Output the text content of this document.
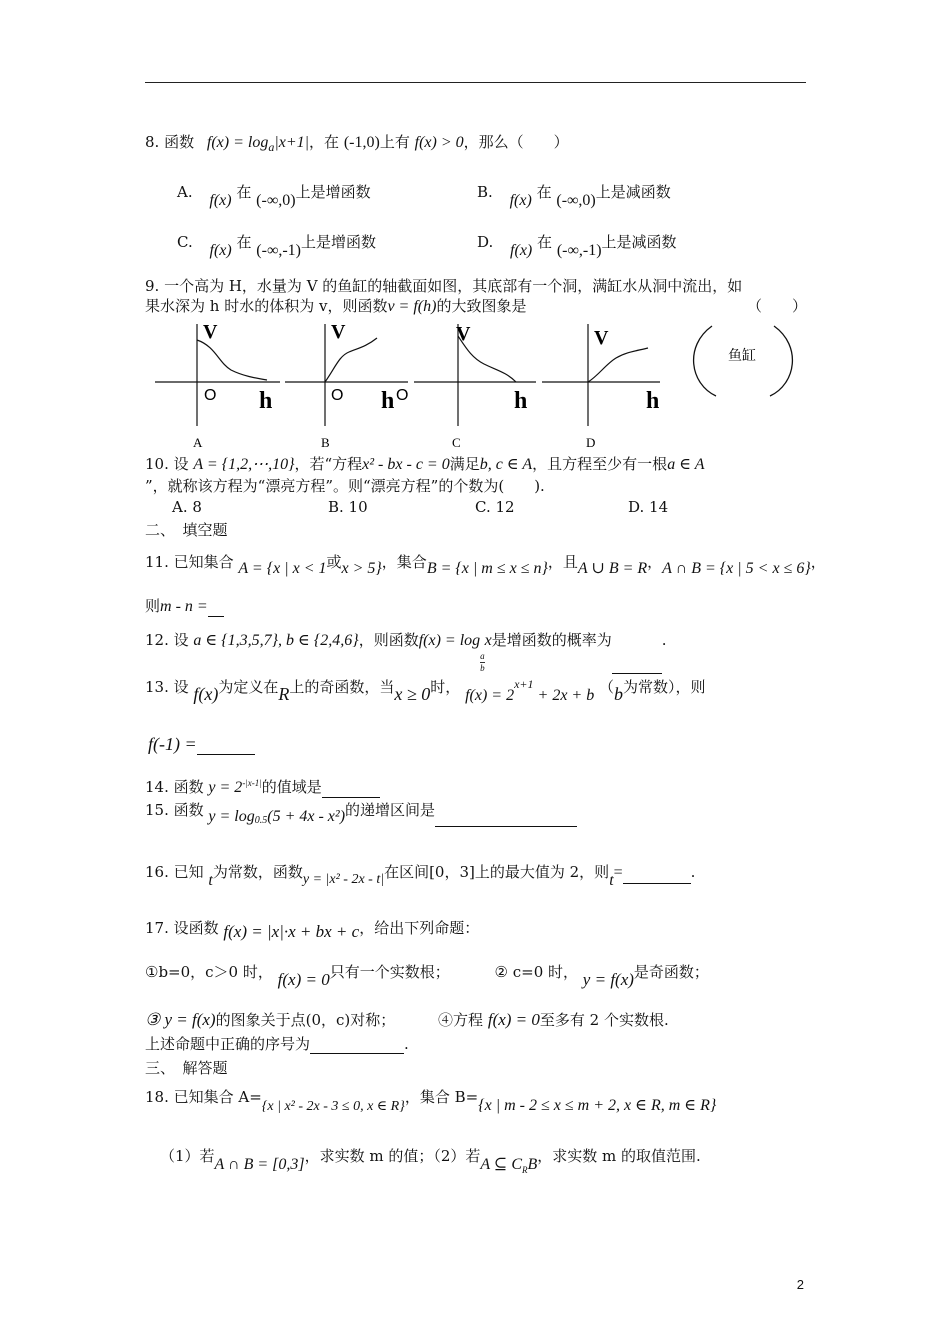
8. 函数 $f(x) = \log_a|x+1|$，在 (-1,0)上有 f(x) > 0，那么（　　）
A. f(x) 在 (-∞,0)上是增函数	B. f(x) 在 (-∞,0)上是减函数
C. f(x) 在 (-∞,-1)上是增函数	D. f(x) 在 (-∞,-1)上是减函数
9. 一个高为 H，水量为 V 的鱼缸的轴截面如图，其底部有一个洞，满缸水从洞中流出，如
果水深为 h 时水的体积为 v，则函数v = f(h)的大致图象是	（　　）
V
O h
A
V
O h
B
O
V
h
C
V
h
D
鱼缸
10. 设 A = {1,2,⋯,10}，若“方程x² - bx - c = 0满足b, c ∈ A，且方程至少有一根a ∈ A
”，就称该方程为“漂亮方程”。则“漂亮方程”的个数为(　　).
A. 8	B. 10	C. 12	D. 14
二、　填空题
11. 已知集合 A = {x | x < 1或x > 5}，集合B = {x | m ≤ x ≤ n}，且A ∪ B = R，A ∩ B = {x | 5 < x ≤ 6}，
则m - n =
12. 设 a ∈ {1,3,5,7}, b ∈ {2,4,6}，则函数f(x) = log
$\frac{a}{b}$
x是增函数的概率为	.
13. 设 f(x)为定义在R上的奇函数，当x ≥ 0时， $f(x) = 2^{x+1} + 2x + b$ （b为常数），则
f(-1) =
14. 函数 $y = 2^{-|x-1|}$的值域是
15. 函数 $y = \log_{0.5}(5 + 4x - x^2)$的递增区间是
16. 已知 t为常数，函数y = |x² - 2x - t|在区间[0，3]上的最大值为 2，则t=	.
17. 设函数 f(x) = |x|·x + bx + c，给出下列命题：
①b=0，c＞0 时， f(x) = 0只有一个实数根；	② c=0 时， y = f(x)是奇函数；
③ y = f(x)的图象关于点(0，c)对称；	④方程 f(x) = 0至多有 2 个实数根.
上述命题中正确的序号为	.
三、　解答题
18. 已知集合 A={x | x² - 2x - 3 ≤ 0, x ∈ R}，集合 B={x | m - 2 ≤ x ≤ m + 2, x ∈ R, m ∈ R}
（1）若A ∩ B = [0,3]，求实数 m 的值；（2）若A ⊆ $C_RB$，求实数 m 的取值范围.
2
